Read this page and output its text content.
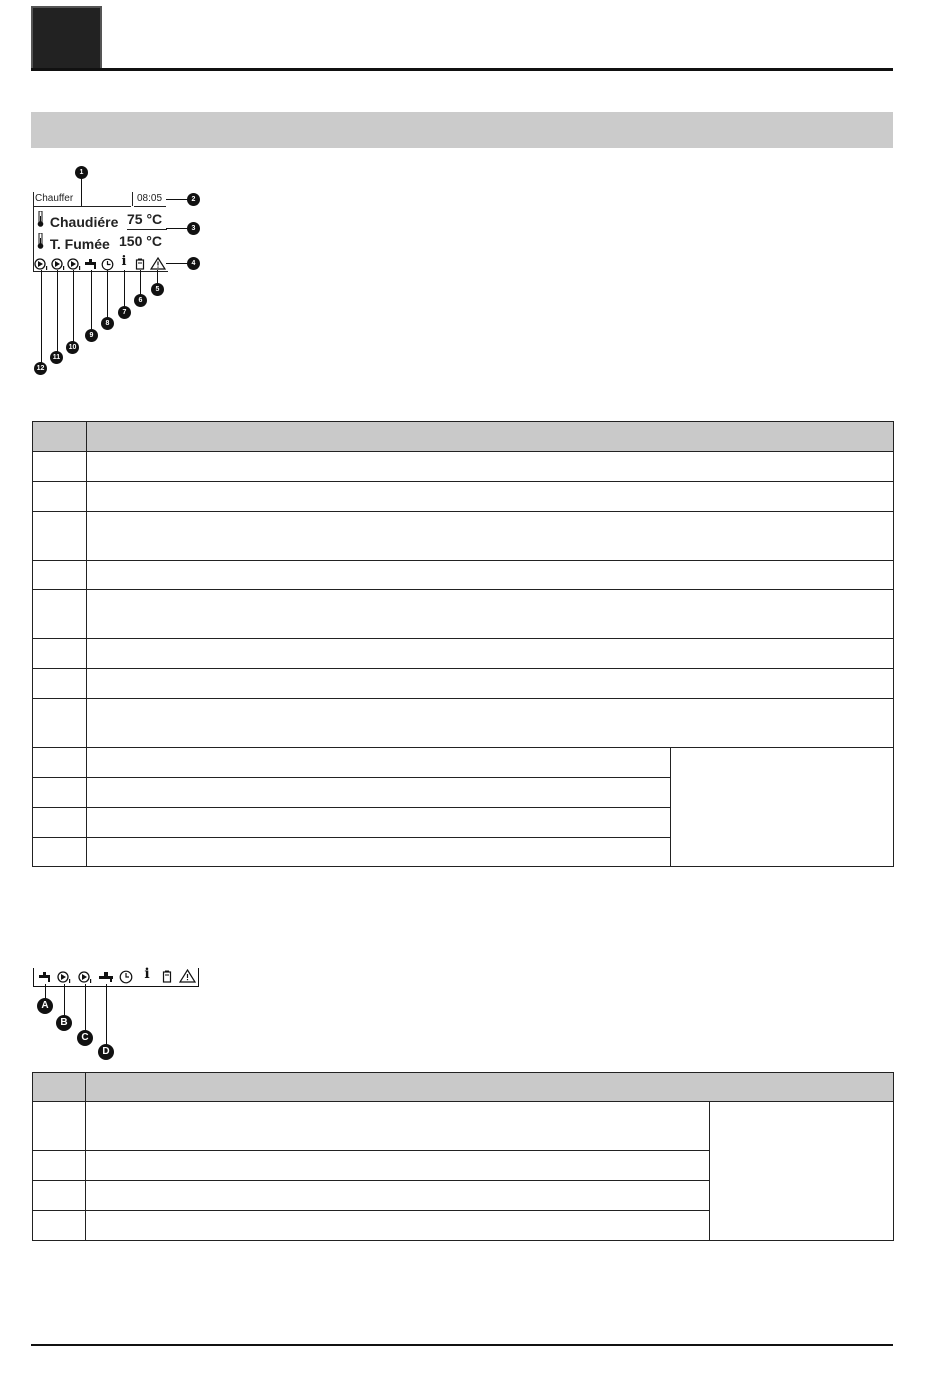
Chauffer	08:05
Chaudiére 75 °C
T. Fumée 150 °C
i
1
2
3
4
5
6
7
8
9
10
11
12

i
A
B
C
D
